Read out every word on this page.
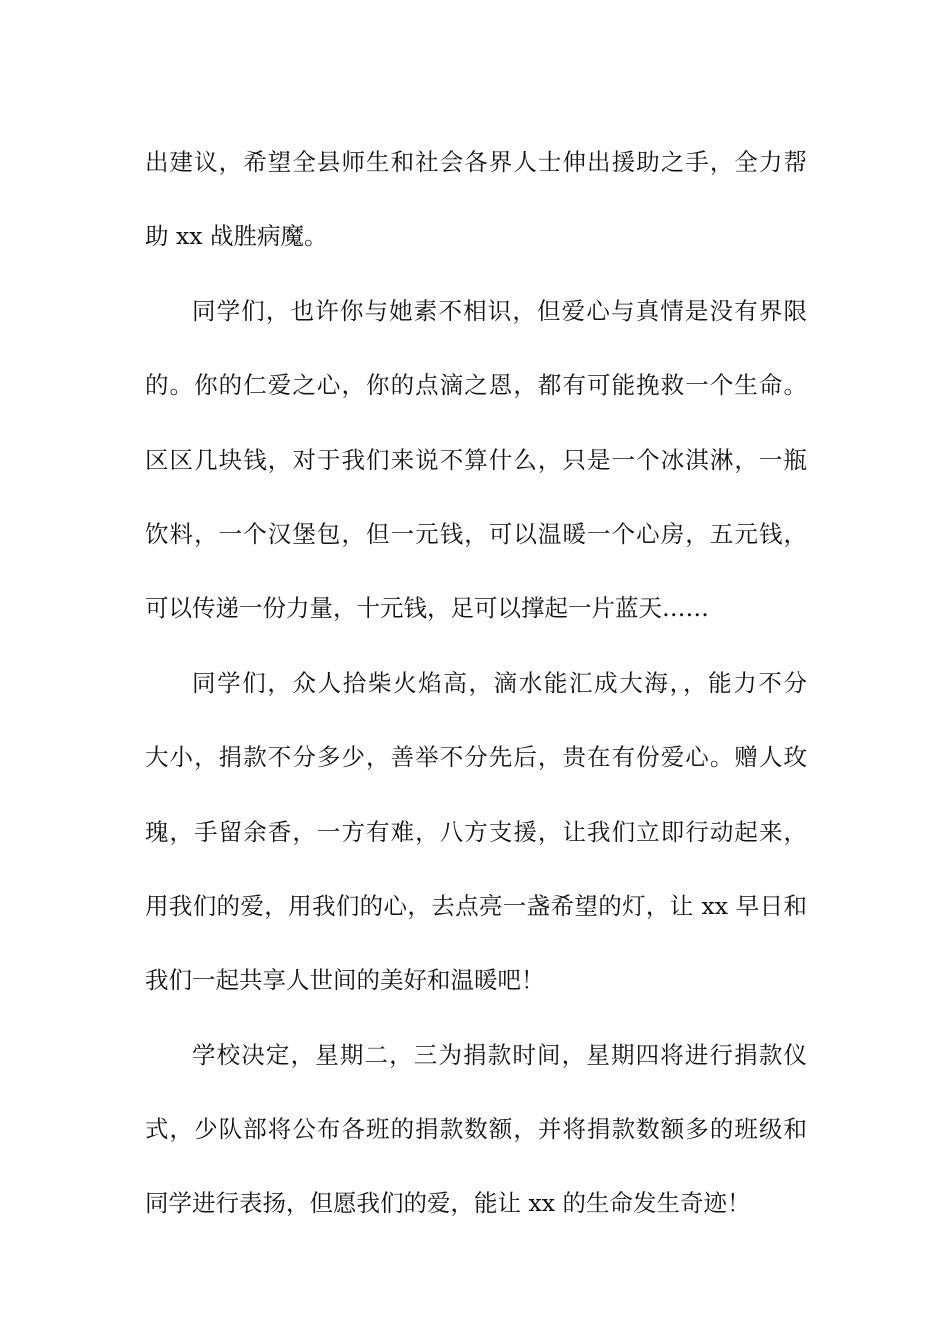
出建议，希望全县师生和社会各界人士伸出援助之手，全力帮
助 xx 战胜病魔。
同学们，也许你与她素不相识，但爱心与真情是没有界限
的。你的仁爱之心，你的点滴之恩，都有可能挽救一个生命。
区区几块钱，对于我们来说不算什么，只是一个冰淇淋，一瓶
饮料，一个汉堡包，但一元钱，可以温暖一个心房，五元钱，
可以传递一份力量，十元钱，足可以撑起一片蓝天……
同学们，众人拾柴火焰高，滴水能汇成大海，，能力不分
大小，捐款不分多少，善举不分先后，贵在有份爱心。赠人玫
瑰，手留余香，一方有难，八方支援，让我们立即行动起来，
用我们的爱，用我们的心，去点亮一盏希望的灯，让 xx 早日和
我们一起共享人世间的美好和温暖吧！
学校决定，星期二，三为捐款时间，星期四将进行捐款仪
式，少队部将公布各班的捐款数额，并将捐款数额多的班级和
同学进行表扬，但愿我们的爱，能让 xx 的生命发生奇迹！
